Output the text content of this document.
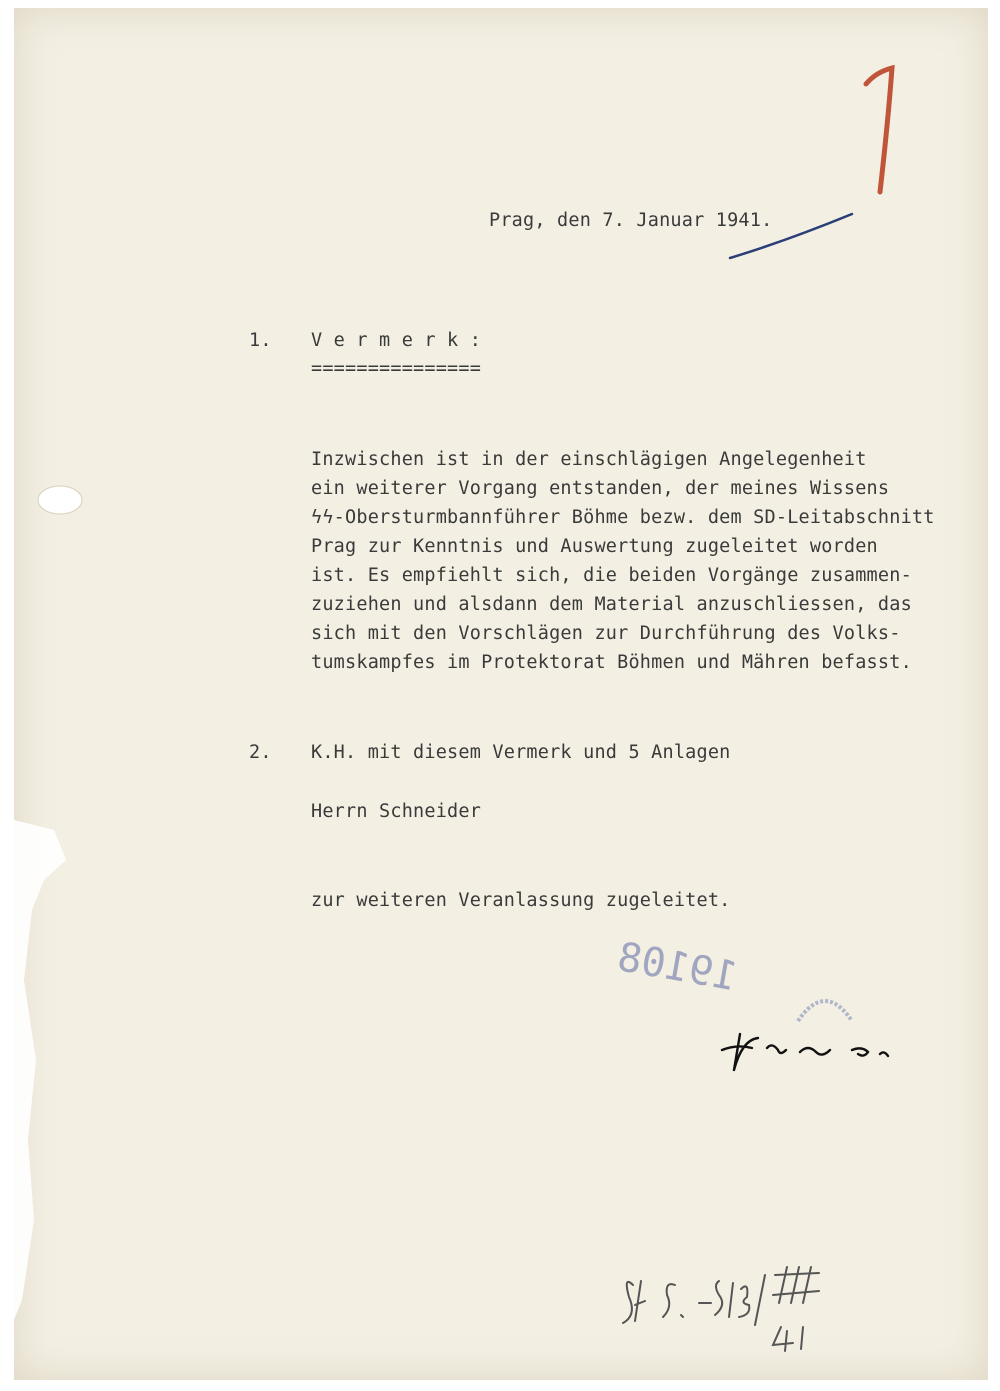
Prag, den 7. Januar 1941.
1. V e r m e r k :
===============
Inzwischen ist in der einschlägigen Angelegenheit
ein weiterer Vorgang entstanden, der meines Wissens
ϟϟ-Obersturmbannführer Böhme bezw. dem SD-Leitabschnitt
Prag zur Kenntnis und Auswertung zugeleitet worden
ist. Es empfiehlt sich, die beiden Vorgänge zusammen-
zuziehen und alsdann dem Material anzuschliessen, das
sich mit den Vorschlägen zur Durchführung des Volks-
tumskampfes im Protektorat Böhmen und Mähren befasst.
2. K.H. mit diesem Vermerk und 5 Anlagen
Herrn Schneider
zur weiteren Veranlassung zugeleitet.
19108
